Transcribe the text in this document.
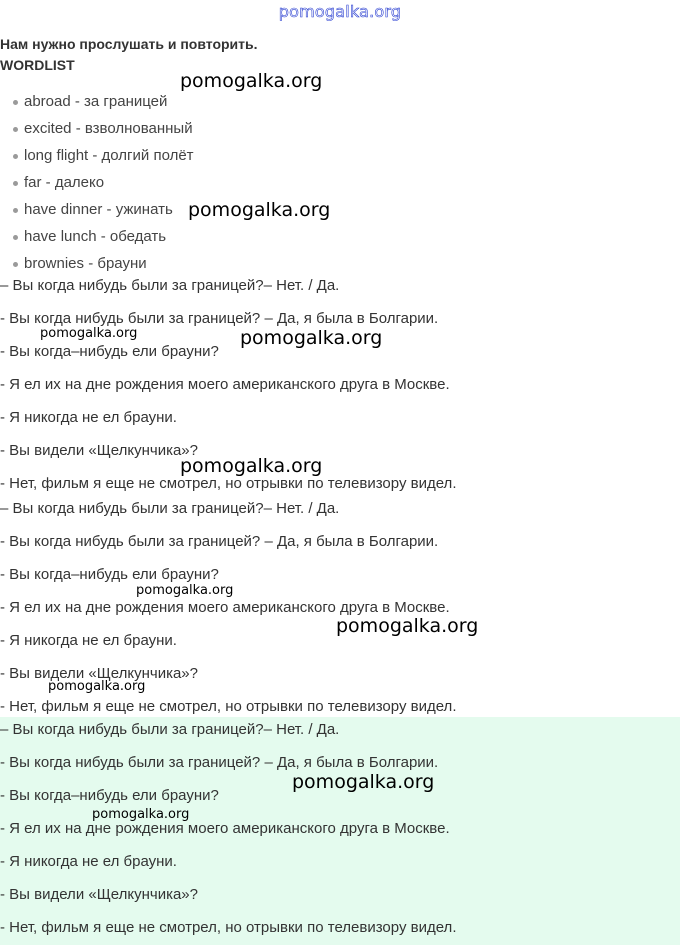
pomogalka.org
Нам нужно прослушать и повторить.
WORDLIST
abroad - за границей
excited - взволнованный
long flight - долгий полёт
far - далеко
have dinner - ужинать
have lunch - обедать
brownies - брауни
– Вы когда нибудь были за границей?– Нет. / Да.
- Вы когда нибудь были за границей? – Да, я была в Болгарии.
- Вы когда–нибудь ели брауни?
- Я ел их на дне рождения моего американского друга в Москве.
- Я никогда не ел брауни.
- Вы видели «Щелкунчика»?
- Нет, фильм я еще не смотрел, но отрывки по телевизору видел.
– Вы когда нибудь были за границей?– Нет. / Да.
- Вы когда нибудь были за границей? – Да, я была в Болгарии.
- Вы когда–нибудь ели брауни?
- Я ел их на дне рождения моего американского друга в Москве.
- Я никогда не ел брауни.
- Вы видели «Щелкунчика»?
- Нет, фильм я еще не смотрел, но отрывки по телевизору видел.
– Вы когда нибудь были за границей?– Нет. / Да.
- Вы когда нибудь были за границей? – Да, я была в Болгарии.
- Вы когда–нибудь ели брауни?
- Я ел их на дне рождения моего американского друга в Москве.
- Я никогда не ел брауни.
- Вы видели «Щелкунчика»?
- Нет, фильм я еще не смотрел, но отрывки по телевизору видел.
pomogalka.org
pomogalka.org
pomogalka.org
pomogalka.org
pomogalka.org
pomogalka.org
pomogalka.org
pomogalka.org
pomogalka.org
pomogalka.org
